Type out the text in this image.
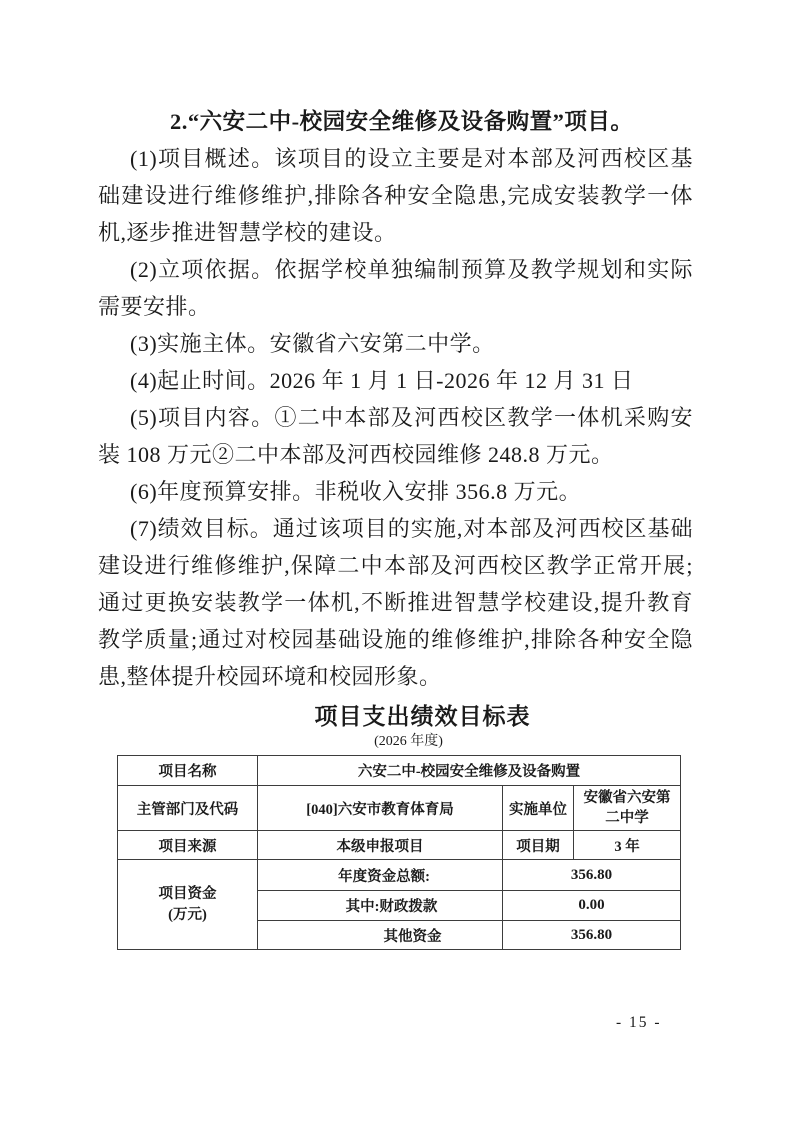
2.“六安二中-校园安全维修及设备购置”项目。

(1)项目概述。该项目的设立主要是对本部及河西校区基础建设进行维修维护,排除各种安全隐患,完成安装教学一体机,逐步推进智慧学校的建设。

(2)立项依据。依据学校单独编制预算及教学规划和实际需要安排。

(3)实施主体。安徽省六安第二中学。

(4)起止时间。2026 年 1 月 1 日-2026 年 12 月 31 日

(5)项目内容。①二中本部及河西校区教学一体机采购安装 108 万元②二中本部及河西校园维修 248.8 万元。

(6)年度预算安排。非税收入安排 356.8 万元。

(7)绩效目标。通过该项目的实施,对本部及河西校区基础建设进行维修维护,保障二中本部及河西校区教学正常开展;通过更换安装教学一体机,不断推进智慧学校建设,提升教育教学质量;通过对校园基础设施的维修维护,排除各种安全隐患,整体提升校园环境和校园形象。

项目支出绩效目标表
(2026 年度)
项目名称	六安二中-校园安全维修及设备购置		
主管部门及代码	[040]六安市教育体育局	实施单位	安徽省六安第二中学
项目来源	本级申报项目	项目期	3 年

项目资金
(万元)	年度资金总额:	356.80	
	其中:财政拨款	0.00	
	其他资金	356.80	
- 15 -
